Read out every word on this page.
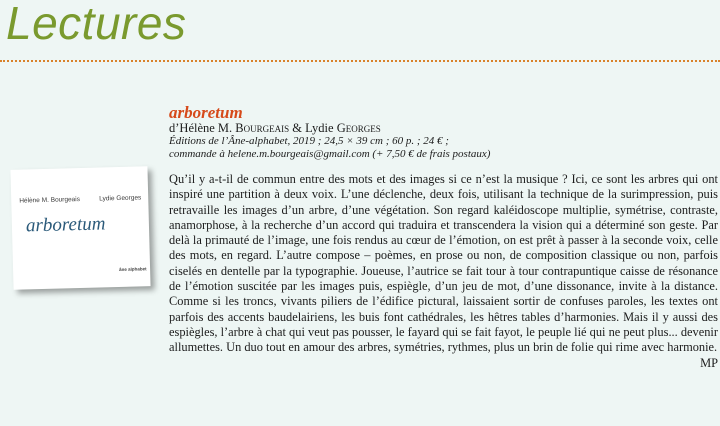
Lectures
Hélène M. Bourgeais	Lydie Georges
arboretum
âne alphabet
arboretum
d’Hélène M. Bourgeais & Lydie Georges
Éditions de l’Âne-alphabet, 2019 ; 24,5 × 39 cm ; 60 p. ; 24 € ;
commande à helene.m.bourgeais@gmail.com (+ 7,50 € de frais postaux)

Qu’il y a-t-il de commun entre des mots et des images si ce n’est la musique ? Ici, ce sont les arbres qui ont inspiré une partition à deux voix. L’une déclenche, deux fois, utilisant la technique de la surimpression, puis retravaille les images d’un arbre, d’une végétation. Son regard kaléidoscope multiplie, symétrise, contraste, anamorphose, à la recherche d’un accord qui traduira et transcendera la vision qui a déterminé son geste. Par delà la primauté de l’image, une fois rendus au cœur de l’émotion, on est prêt à passer à la seconde voix, celle des mots, en regard. L’autre compose – poèmes, en prose ou non, de composition classique ou non, parfois ciselés en dentelle par la typographie. Joueuse, l’autrice se fait tour à tour contrapuntique caisse de résonance de l’émotion suscitée par les images puis, espiègle, d’un jeu de mot, d’une dissonance, invite à la distance. Comme si les troncs, vivants piliers de l’édifice pictural, laissaient sortir de confuses paroles, les textes ont parfois des accents baudelairiens, les buis font cathédrales, les hêtres tables d’harmonies. Mais il y aussi des espiègles, l’arbre à chat qui veut pas pousser, le fayard qui se fait fayot, le peuple lié qui ne peut plus... devenir allumettes. Un duo tout en amour des arbres, symétries, rythmes, plus un brin de folie qui rime avec harmonie.
MP
